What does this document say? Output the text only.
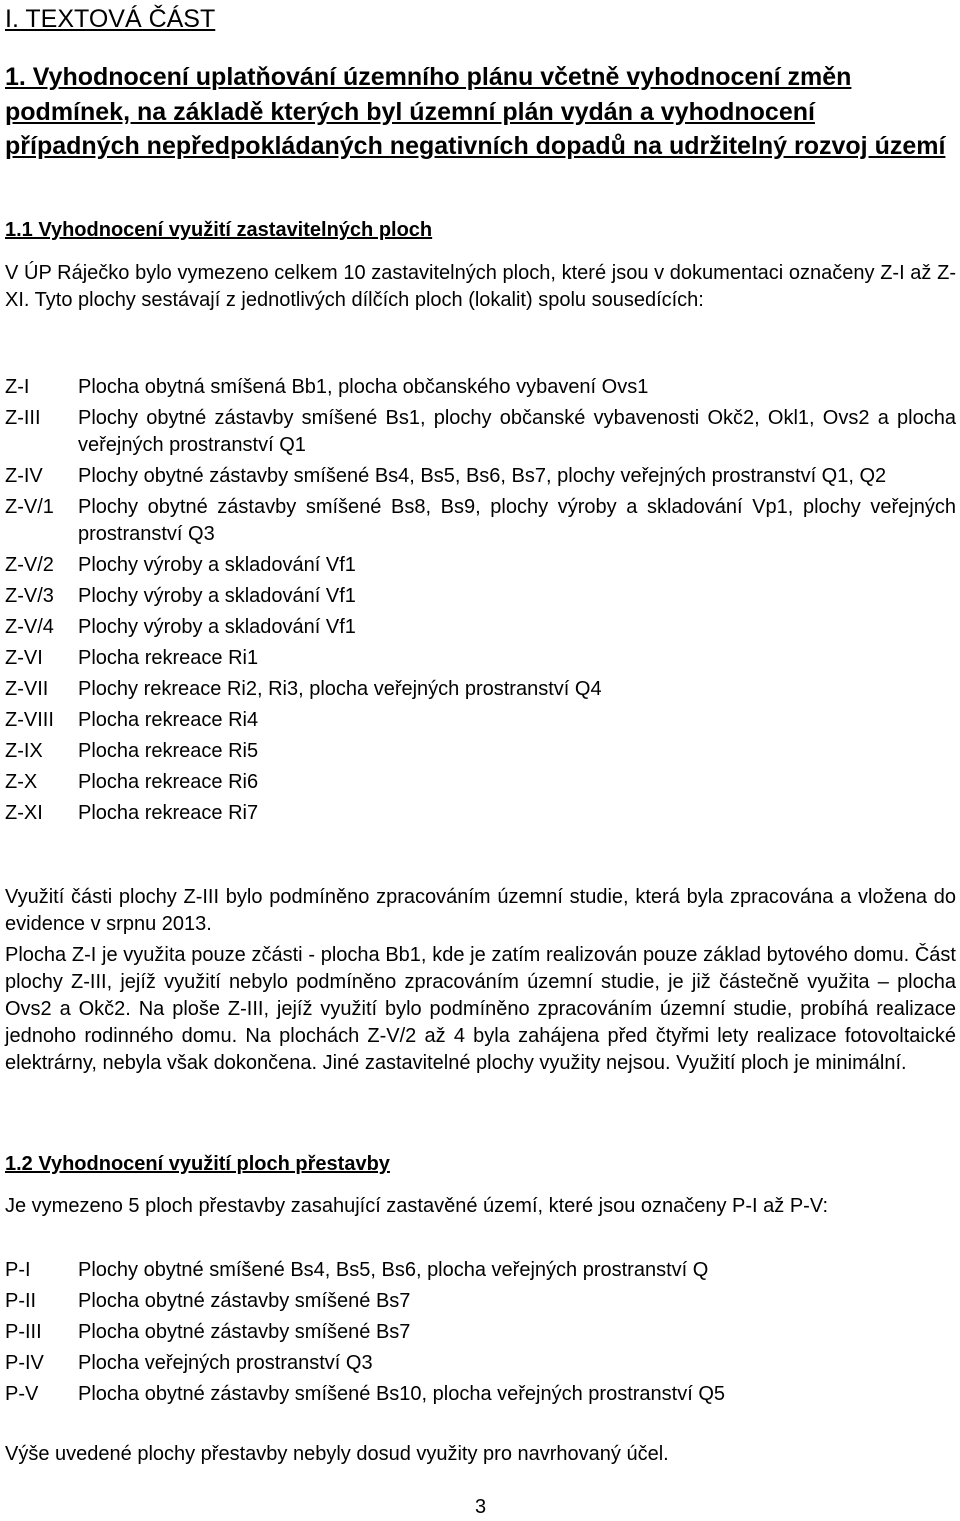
I. TEXTOVÁ ČÁST
1. Vyhodnocení uplatňování územního plánu včetně vyhodnocení změn podmínek, na základě kterých byl územní plán vydán a vyhodnocení případných nepředpokládaných negativních dopadů na udržitelný rozvoj území
1.1 Vyhodnocení využití zastavitelných ploch
V ÚP Ráječko bylo vymezeno celkem 10 zastavitelných ploch, které jsou v dokumentaci označeny Z-I až Z-XI. Tyto plochy sestávají z jednotlivých dílčích ploch (lokalit) spolu sousedících:
Z-I	Plocha obytná smíšená Bb1, plocha občanského vybavení Ovs1
Z-III	Plochy obytné zástavby smíšené Bs1, plochy občanské vybavenosti Okč2, Okl1, Ovs2 a plocha veřejných prostranství Q1
Z-IV	Plochy obytné zástavby smíšené Bs4, Bs5, Bs6, Bs7, plochy veřejných prostranství Q1, Q2
Z-V/1	Plochy obytné zástavby smíšené Bs8, Bs9, plochy výroby a skladování Vp1, plochy veřejných prostranství Q3
Z-V/2	Plochy výroby a skladování Vf1
Z-V/3	Plochy výroby a skladování Vf1
Z-V/4	Plochy výroby a skladování Vf1
Z-VI	Plocha rekreace Ri1
Z-VII	Plochy rekreace Ri2, Ri3, plocha veřejných prostranství Q4
Z-VIII	Plocha rekreace Ri4
Z-IX	Plocha rekreace Ri5
Z-X	Plocha rekreace Ri6
Z-XI	Plocha rekreace Ri7
Využití části plochy Z-III bylo podmíněno zpracováním územní studie, která byla zpracována a vložena do evidence v srpnu 2013.
Plocha Z-I je využita pouze zčásti - plocha Bb1, kde je zatím realizován pouze základ bytového domu. Část plochy Z-III, jejíž využití nebylo podmíněno zpracováním územní studie, je již částečně využita – plocha Ovs2 a Okč2. Na ploše Z-III, jejíž využití bylo podmíněno zpracováním územní studie, probíhá realizace jednoho rodinného domu. Na plochách Z-V/2 až 4 byla zahájena před čtyřmi lety realizace fotovoltaické elektrárny, nebyla však dokončena. Jiné zastavitelné plochy využity nejsou. Využití ploch je minimální.
1.2 Vyhodnocení využití ploch přestavby
Je vymezeno 5 ploch přestavby zasahující zastavěné území, které jsou označeny P-I až P-V:
P-I	Plochy obytné smíšené Bs4, Bs5, Bs6, plocha veřejných prostranství Q
P-II	Plocha obytné zástavby smíšené Bs7
P-III	Plocha obytné zástavby smíšené Bs7
P-IV	Plocha veřejných prostranství Q3
P-V	Plocha obytné zástavby smíšené Bs10, plocha veřejných prostranství Q5
Výše uvedené plochy přestavby nebyly dosud využity pro navrhovaný účel.
3
